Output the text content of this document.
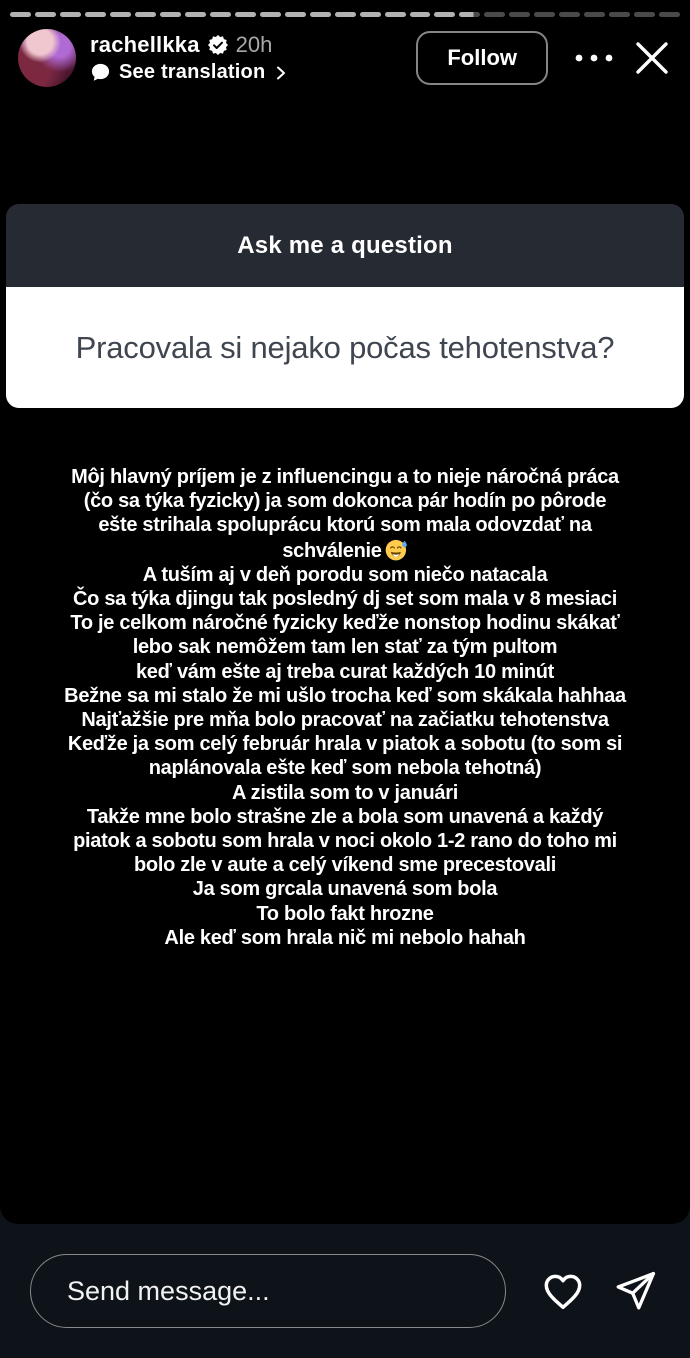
rachellkka 20h
See translation
Follow
Ask me a question
Pracovala si nejako počas tehotenstva?
Môj hlavný príjem je z influencingu a to nieje náročná práca
(čo sa týka fyzicky) ja som dokonca pár hodín po pôrode
ešte strihala spoluprácu ktorú som mala odovzdať na
schválenie
A tuším aj v deň porodu som niečo natacala
Čo sa týka djingu tak posledný dj set som mala v 8 mesiaci
To je celkom náročné fyzicky keďže nonstop hodinu skákať
lebo sak nemôžem tam len stať za tým pultom
keď vám ešte aj treba curat každých 10 minút
Bežne sa mi stalo že mi ušlo trocha keď som skákala hahhaa
Najťažšie pre mňa bolo pracovať na začiatku tehotenstva
Keďže ja som celý február hrala v piatok a sobotu (to som si
naplánovala ešte keď som nebola tehotná)
A zistila som to v januári
Takže mne bolo strašne zle a bola som unavená a každý
piatok a sobotu som hrala v noci okolo 1-2 rano do toho mi
bolo zle v aute a celý víkend sme precestovali
Ja som grcala unavená som bola
To bolo fakt hrozne
Ale keď som hrala nič mi nebolo hahah
Send message...
